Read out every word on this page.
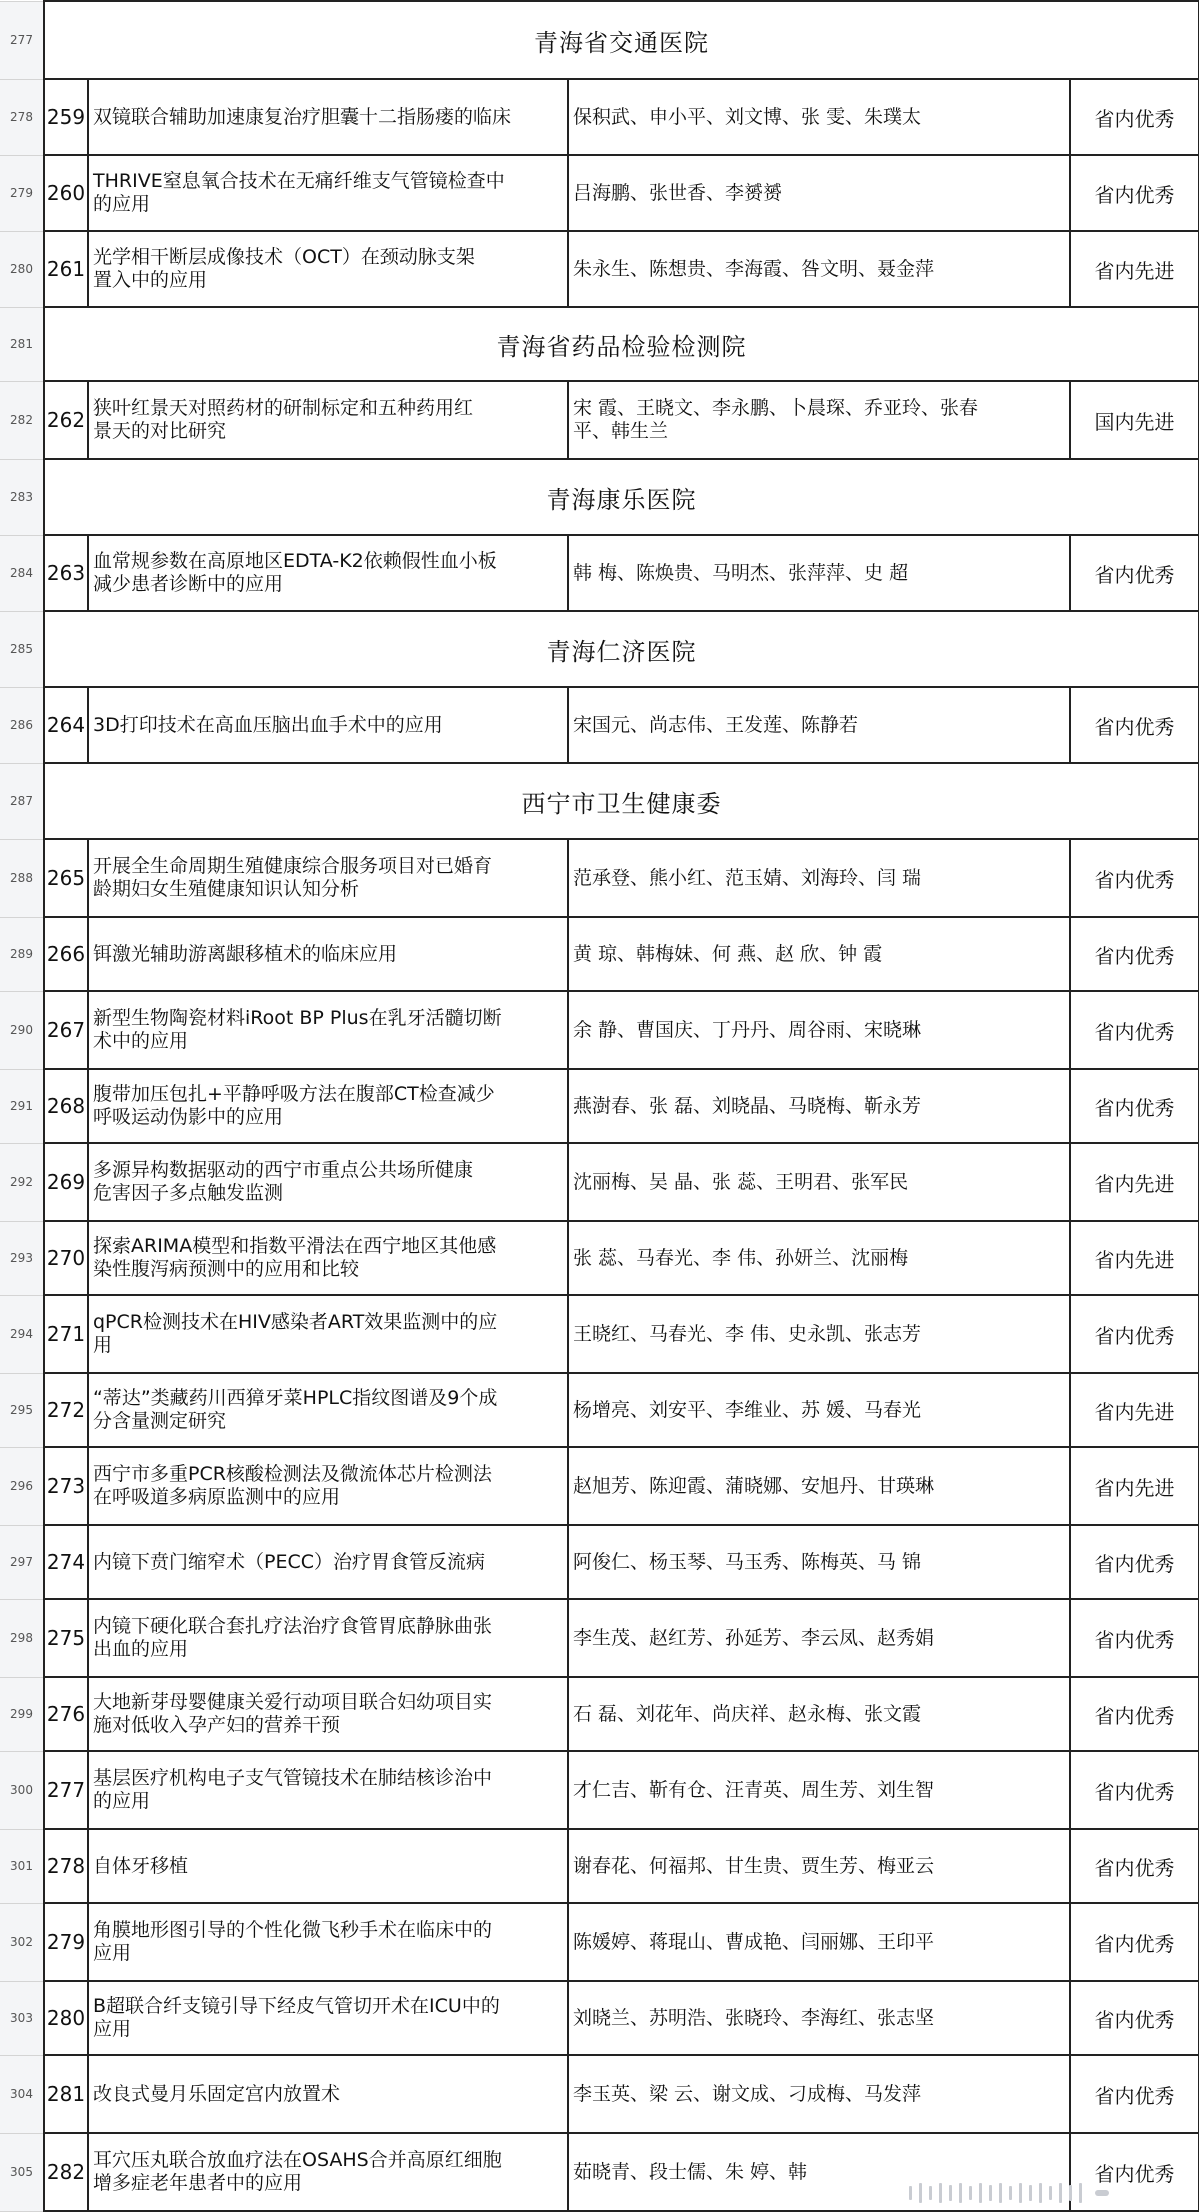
277	青海省交通医院			
278	259	双镜联合辅助加速康复治疗胆囊十二指肠瘘的临床	保积武、申小平、刘文博、张 雯、朱璞太	省内优秀
279	260	THRIVE窒息氧合技术在无痛纤维支气管镜检查中
的应用	吕海鹏、张世香、李赟赟	省内优秀
280	261	光学相干断层成像技术（OCT）在颈动脉支架
置入中的应用	朱永生、陈想贵、李海霞、咎文明、聂金萍	省内先进
281	青海省药品检验检测院			
282	262	狭叶红景天对照药材的研制标定和五种药用红
景天的对比研究	宋 霞、王晓文、李永鹏、卜晨琛、乔亚玲、张春
平、韩生兰	国内先进
283	青海康乐医院			
284	263	血常规参数在高原地区EDTA-K2依赖假性血小板
减少患者诊断中的应用	韩 梅、陈焕贵、马明杰、张萍萍、史 超	省内优秀
285	青海仁济医院			
286	264	3D打印技术在高血压脑出血手术中的应用	宋国元、尚志伟、王发莲、陈静若	省内优秀
287	西宁市卫生健康委			
288	265	开展全生命周期生殖健康综合服务项目对已婚育
龄期妇女生殖健康知识认知分析	范承登、熊小红、范玉婧、刘海玲、闫 瑞	省内优秀
289	266	铒激光辅助游离龈移植术的临床应用	黄 琼、韩梅妹、何 燕、赵 欣、钟 霞	省内优秀
290	267	新型生物陶瓷材料iRoot BP Plus在乳牙活髓切断
术中的应用	余 静、曹国庆、丁丹丹、周谷雨、宋晓琳	省内优秀
291	268	腹带加压包扎+平静呼吸方法在腹部CT检查减少
呼吸运动伪影中的应用	燕澍春、张 磊、刘晓晶、马晓梅、靳永芳	省内优秀
292	269	多源异构数据驱动的西宁市重点公共场所健康
危害因子多点触发监测	沈丽梅、吴 晶、张 蕊、王明君、张军民	省内先进
293	270	探索ARIMA模型和指数平滑法在西宁地区其他感
染性腹泻病预测中的应用和比较	张 蕊、马春光、李 伟、孙妍兰、沈丽梅	省内先进
294	271	qPCR检测技术在HIV感染者ART效果监测中的应
用	王晓红、马春光、李 伟、史永凯、张志芳	省内优秀
295	272	“蒂达”类藏药川西獐牙菜HPLC指纹图谱及9个成
分含量测定研究	杨增亮、刘安平、李维业、苏 媛、马春光	省内先进
296	273	西宁市多重PCR核酸检测法及微流体芯片检测法
在呼吸道多病原监测中的应用	赵旭芳、陈迎霞、蒲晓娜、安旭丹、甘瑛琳	省内先进
297	274	内镜下贲门缩窄术（PECC）治疗胃食管反流病	阿俊仁、杨玉琴、马玉秀、陈梅英、马 锦	省内优秀
298	275	内镜下硬化联合套扎疗法治疗食管胃底静脉曲张
出血的应用	李生茂、赵红芳、孙延芳、李云凤、赵秀娟	省内优秀
299	276	大地新芽母婴健康关爱行动项目联合妇幼项目实
施对低收入孕产妇的营养干预	石 磊、刘花年、尚庆祥、赵永梅、张文霞	省内优秀
300	277	基层医疗机构电子支气管镜技术在肺结核诊治中
的应用	才仁吉、靳有仓、汪青英、周生芳、刘生智	省内优秀
301	278	自体牙移植	谢春花、何福邦、甘生贵、贾生芳、梅亚云	省内优秀
302	279	角膜地形图引导的个性化微飞秒手术在临床中的
应用	陈媛婷、蒋琨山、曹成艳、闫丽娜、王印平	省内优秀
303	280	B超联合纤支镜引导下经皮气管切开术在ICU中的
应用	刘晓兰、苏明浩、张晓玲、李海红、张志坚	省内优秀
304	281	改良式曼月乐固定宫内放置术	李玉英、梁 云、谢文成、刁成梅、马发萍	省内优秀
305	282	耳穴压丸联合放血疗法在OSAHS合并高原红细胞
增多症老年患者中的应用	茹晓青、段士儒、朱 婷、韩	省内优秀
